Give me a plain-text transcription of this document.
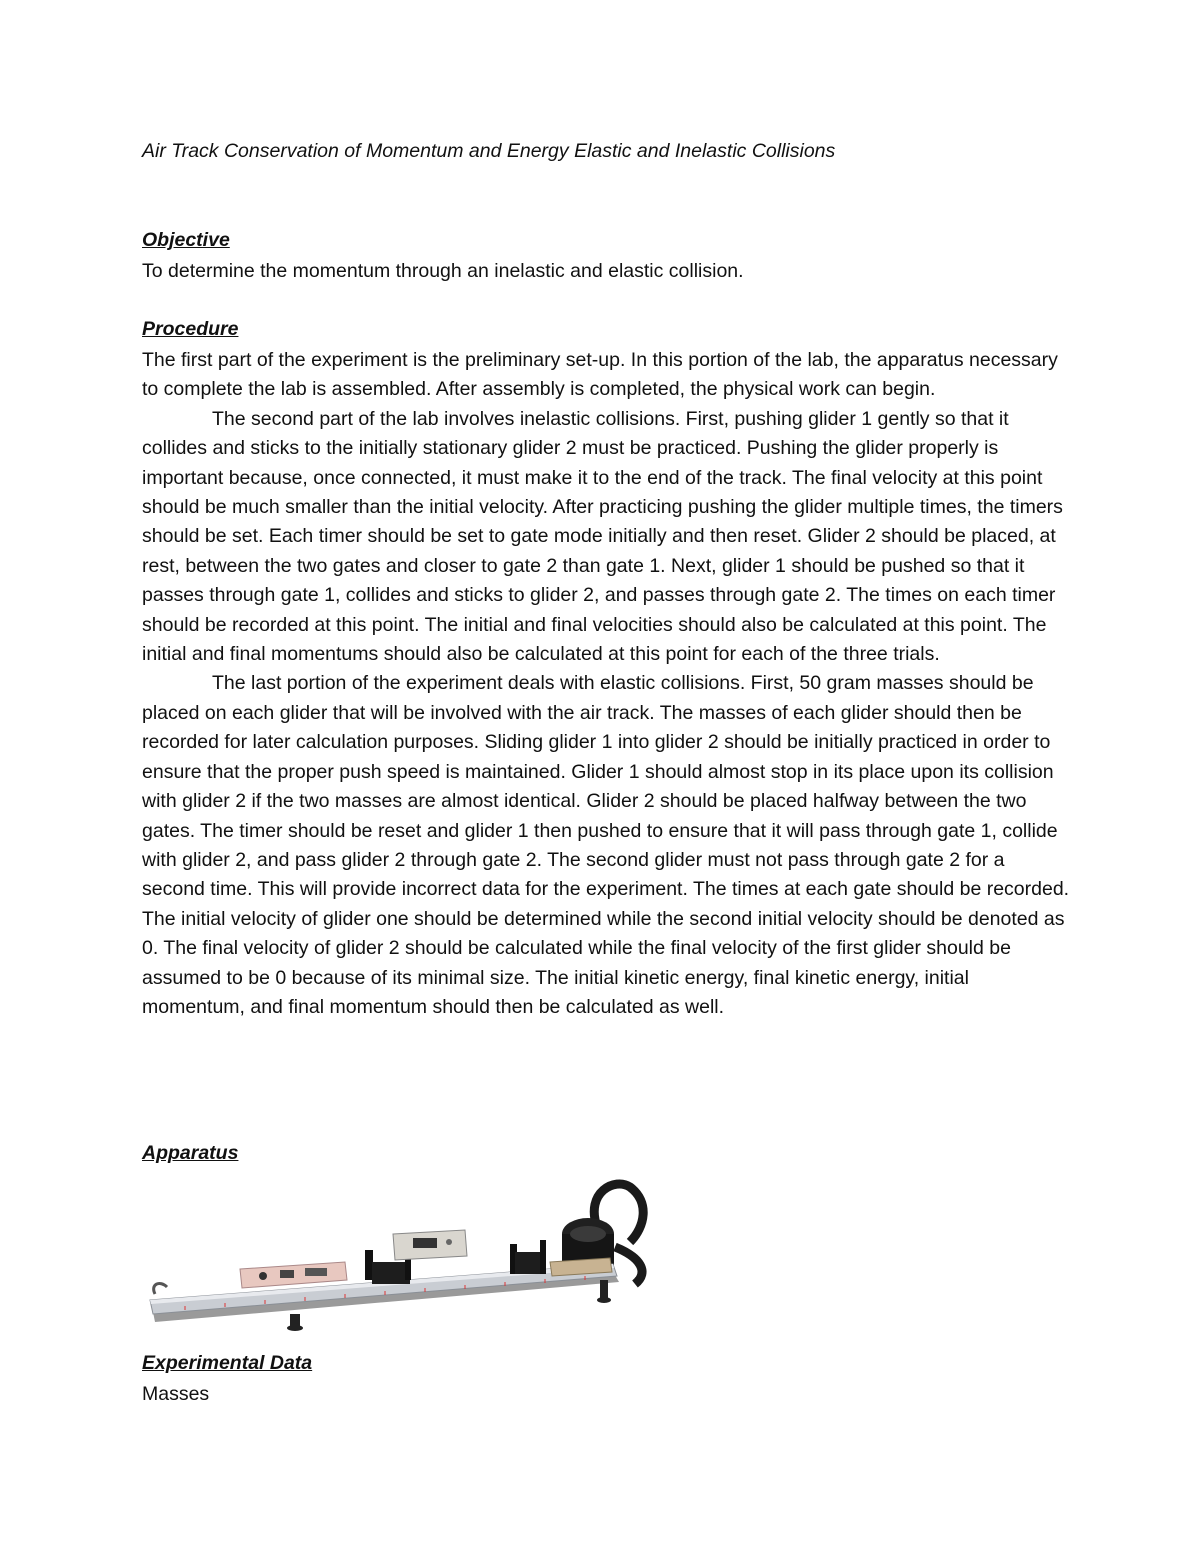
Air Track Conservation of Momentum and Energy Elastic and Inelastic Collisions
Objective

To determine the momentum through an inelastic and elastic collision.

Procedure

The first part of the experiment is the preliminary set-up. In this portion of the lab, the apparatus necessary to complete the lab is assembled. After assembly is completed, the physical work can begin.

The second part of the lab involves inelastic collisions. First, pushing glider 1 gently so that it collides and sticks to the initially stationary glider 2 must be practiced. Pushing the glider properly is important because, once connected, it must make it to the end of the track. The final velocity at this point should be much smaller than the initial velocity. After practicing pushing the glider multiple times, the timers should be set. Each timer should be set to gate mode initially and then reset. Glider 2 should be placed, at rest, between the two gates and closer to gate 2 than gate 1. Next, glider 1 should be pushed so that it passes through gate 1, collides and sticks to glider 2, and passes through gate 2. The times on each timer should be recorded at this point. The initial and final velocities should also be calculated at this point. The initial and final momentums should also be calculated at this point for each of the three trials.

The last portion of the experiment deals with elastic collisions. First, 50 gram masses should be placed on each glider that will be involved with the air track. The masses of each glider should then be recorded for later calculation purposes. Sliding glider 1 into glider 2 should be initially practiced in order to ensure that the proper push speed is maintained. Glider 1 should almost stop in its place upon its collision with glider 2 if the two masses are almost identical. Glider 2 should be placed halfway between the two gates. The timer should be reset and glider 1 then pushed to ensure that it will pass through gate 1, collide with glider 2, and pass glider 2 through gate 2. The second glider must not pass through gate 2 for a second time. This will provide incorrect data for the experiment. The times at each gate should be recorded. The initial velocity of glider one should be determined while the second initial velocity should be denoted as 0. The final velocity of glider 2 should be calculated while the final velocity of the first glider should be assumed to be 0 because of its minimal size. The initial kinetic energy, final kinetic energy, initial momentum, and final momentum should then be calculated as well.

Apparatus
Experimental Data

Masses
